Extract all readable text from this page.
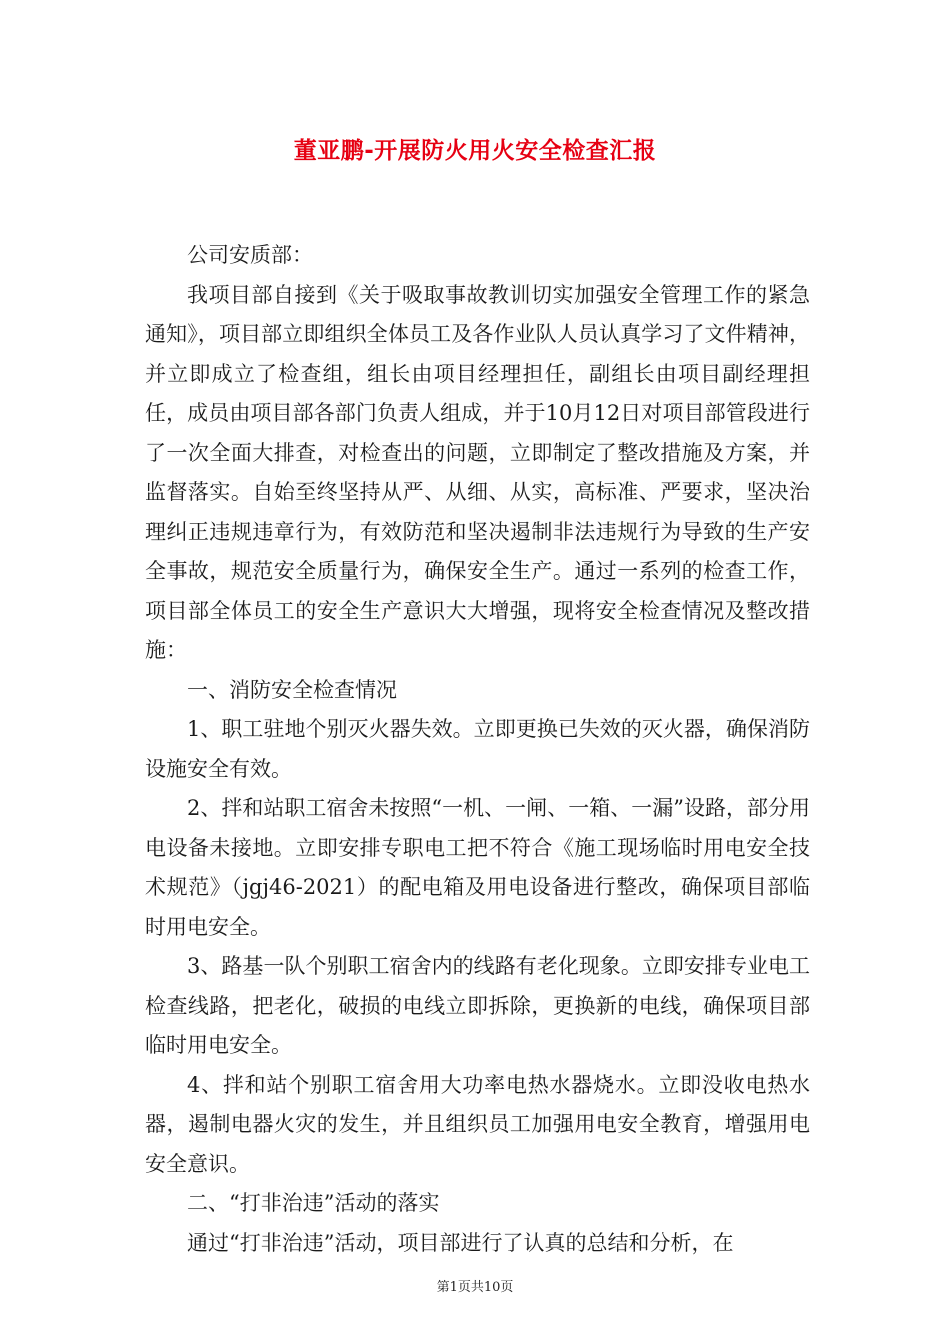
董亚鹏-开展防火用火安全检查汇报

公司安质部：

我项目部自接到《关于吸取事故教训切实加强安全管理工作的紧急通知》，项目部立即组织全体员工及各作业队人员认真学习了文件精神，并立即成立了检查组，组长由项目经理担任，副组长由项目副经理担任，成员由项目部各部门负责人组成，并于10月12日对项目部管段进行了一次全面大排查，对检查出的问题，立即制定了整改措施及方案，并监督落实。自始至终坚持从严、从细、从实，高标准、严要求，坚决治理纠正违规违章行为，有效防范和坚决遏制非法违规行为导致的生产安全事故，规范安全质量行为，确保安全生产。通过一系列的检查工作，项目部全体员工的安全生产意识大大增强，现将安全检查情况及整改措施：

一、消防安全检查情况

1、职工驻地个别灭火器失效。立即更换已失效的灭火器，确保消防设施安全有效。

2、拌和站职工宿舍未按照“一机、一闸、一箱、一漏”设路，部分用电设备未接地。立即安排专职电工把不符合《施工现场临时用电安全技术规范》（jgj46-2021）的配电箱及用电设备进行整改，确保项目部临时用电安全。

3、路基一队个别职工宿舍内的线路有老化现象。立即安排专业电工检查线路，把老化，破损的电线立即拆除，更换新的电线，确保项目部临时用电安全。

4、拌和站个别职工宿舍用大功率电热水器烧水。立即没收电热水器，遏制电器火灾的发生，并且组织员工加强用电安全教育，增强用电安全意识。

二、“打非治违”活动的落实

通过“打非治违”活动，项目部进行了认真的总结和分析，在

第1页共10页
